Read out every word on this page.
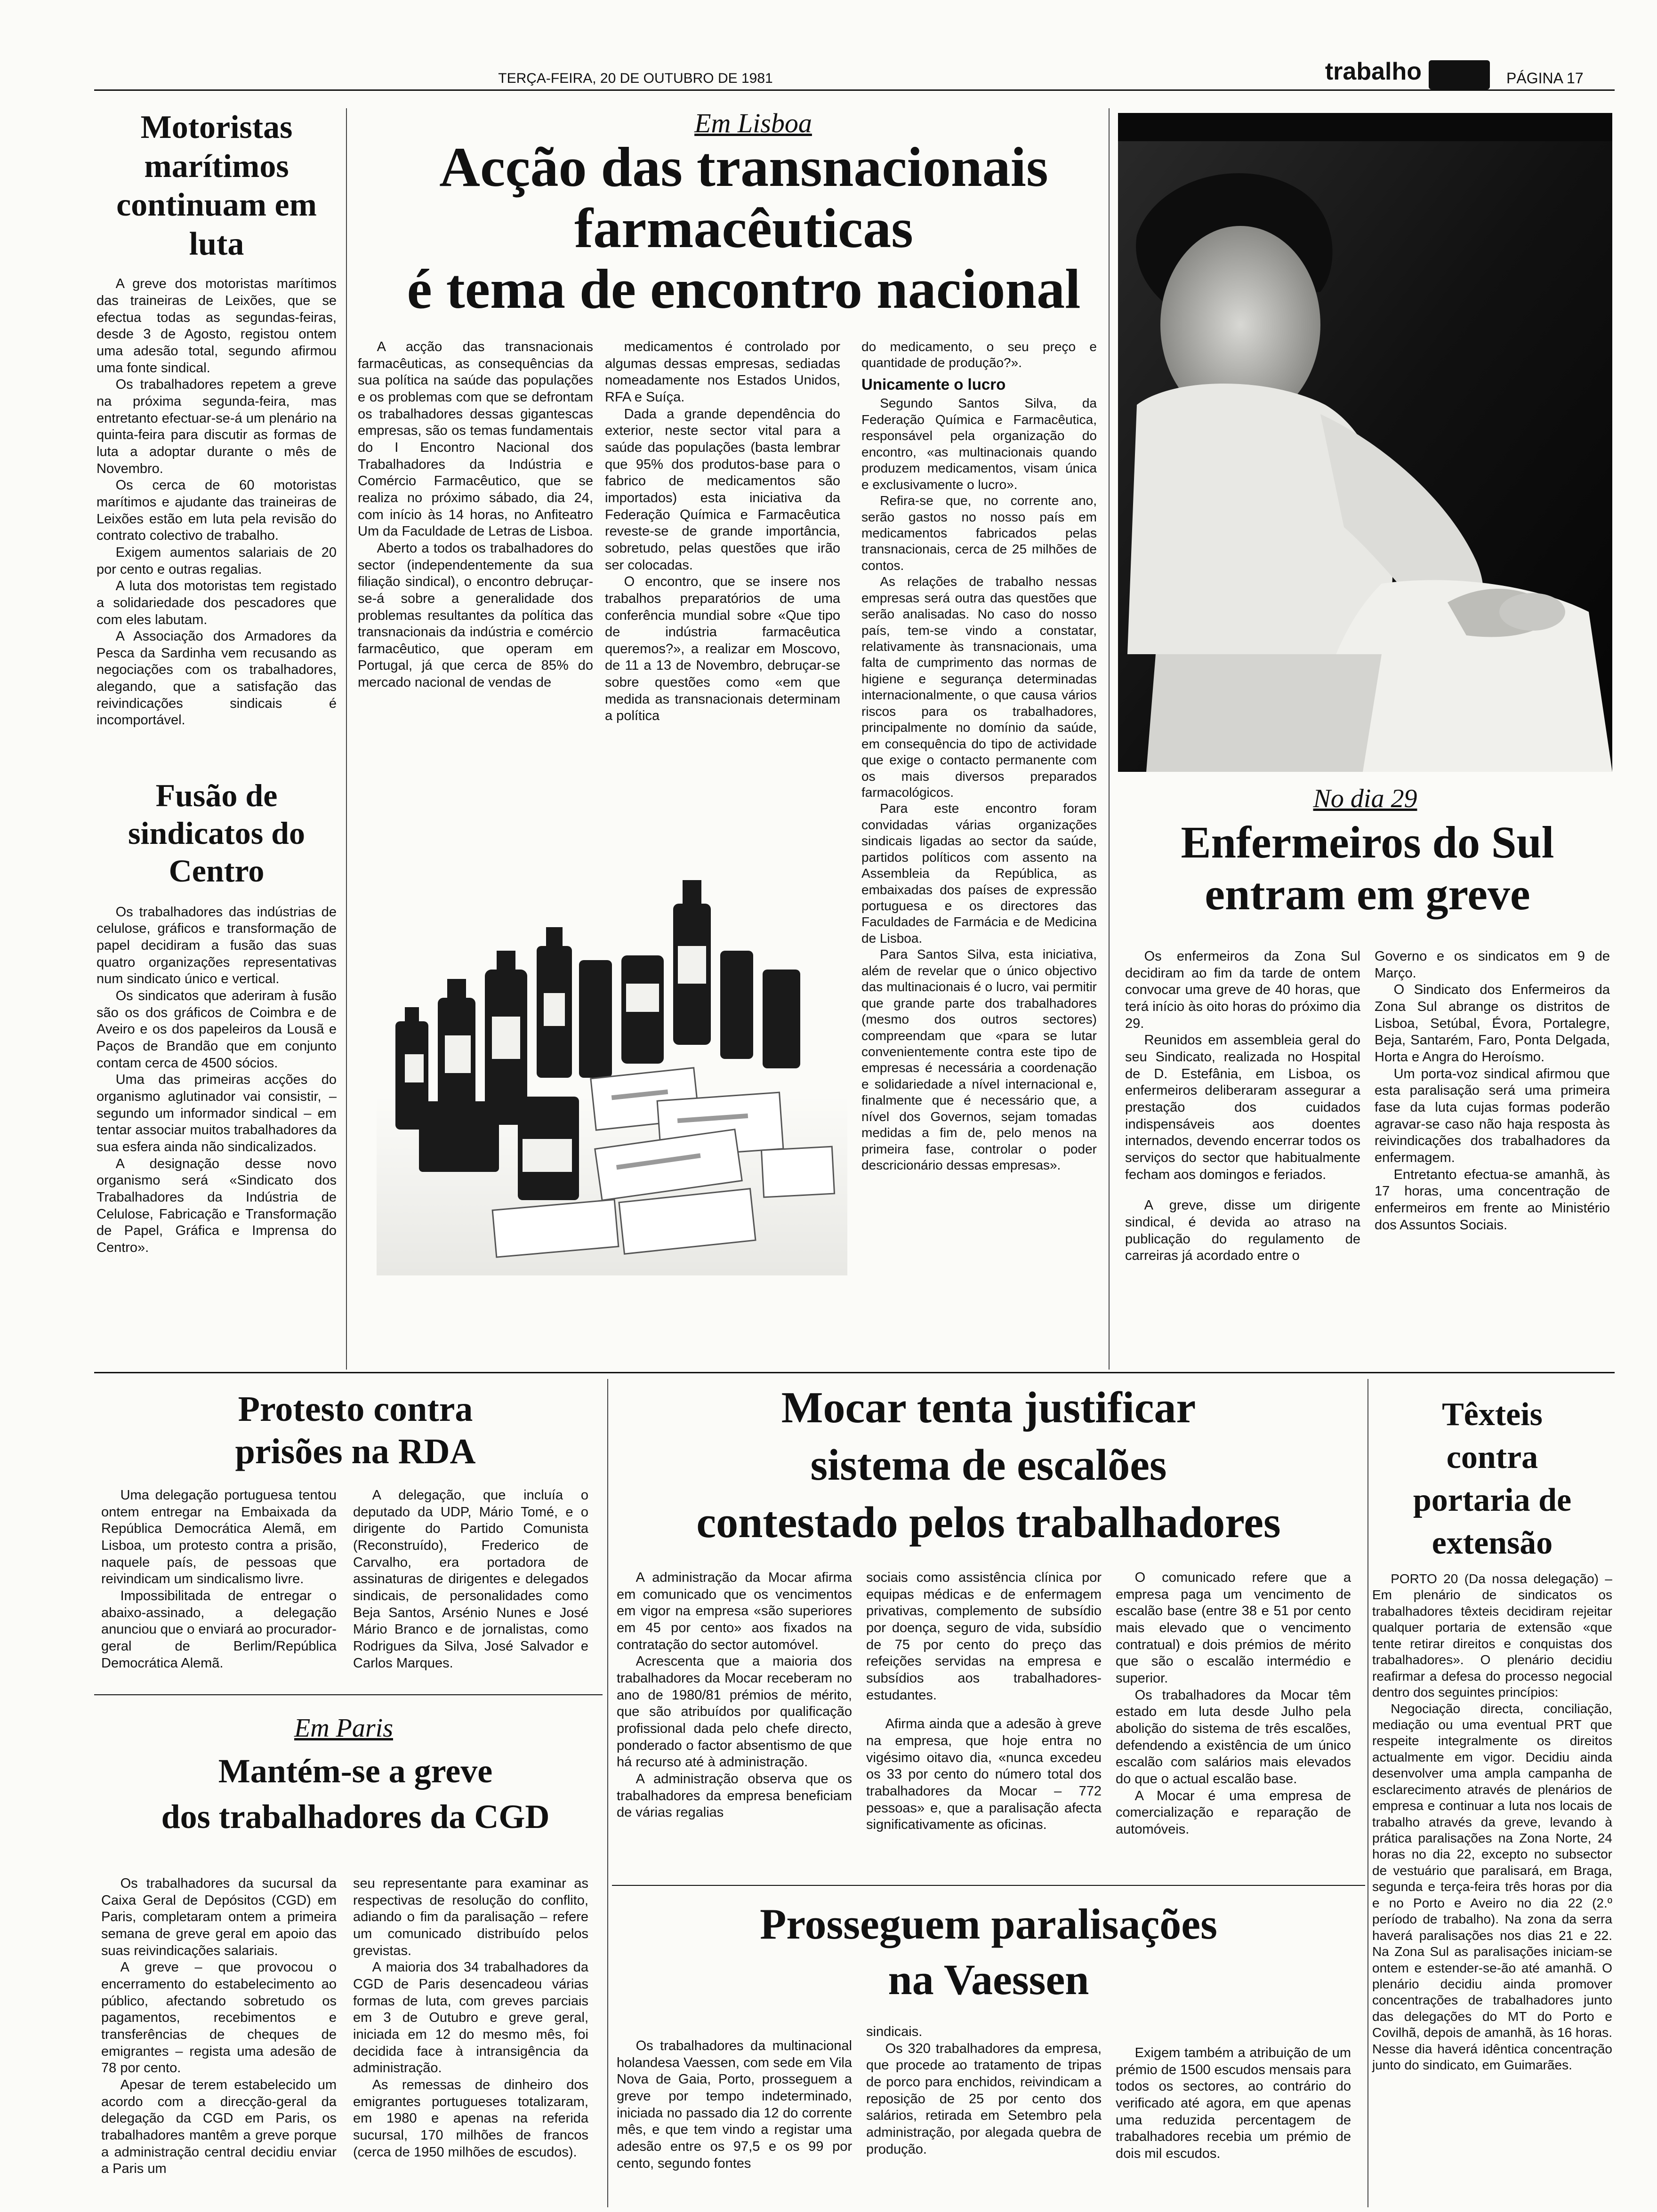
TERÇA-FEIRA, 20 DE OUTUBRO DE 1981	trabalho	PÁGINA 17
Motoristas marítimos continuam em luta

A greve dos motoristas marítimos das traineiras de Leixões, que se efectua todas as segundas-feiras, desde 3 de Agosto, registou ontem uma adesão total, segundo afirmou uma fonte sindical.

Os trabalhadores repetem a greve na próxima segunda-feira, mas entretanto efectuar-se-á um plenário na quinta-feira para discutir as formas de luta a adoptar durante o mês de Novembro.

Os cerca de 60 motoristas marítimos e ajudante das traineiras de Leixões estão em luta pela revisão do contrato colectivo de trabalho.

Exigem aumentos salariais de 20 por cento e outras regalias.

A luta dos motoristas tem registado a solidariedade dos pescadores que com eles labutam.

A Associação dos Armadores da Pesca da Sardinha vem recusando as negociações com os trabalhadores, alegando, que a satisfação das reivindicações sindicais é incomportável.

Fusão de sindicatos do Centro

Os trabalhadores das indústrias de celulose, gráficos e transformação de papel decidiram a fusão das suas quatro organizações representativas num sindicato único e vertical.

Os sindicatos que aderiram à fusão são os dos gráficos de Coimbra e de Aveiro e os dos papeleiros da Lousã e Paços de Brandão que em conjunto contam cerca de 4500 sócios.

Uma das primeiras acções do organismo aglutinador vai consistir, – segundo um informador sindical – em tentar associar muitos trabalhadores da sua esfera ainda não sindicalizados.

A designação desse novo organismo será «Sindicato dos Trabalhadores da Indústria de Celulose, Fabricação e Transformação de Papel, Gráfica e Imprensa do Centro».

Em Lisboa
Acção das transnacionais
farmacêuticas
é tema de encontro nacional

A acção das transnacionais farmacêuticas, as consequências da sua política na saúde das populações e os problemas com que se defrontam os trabalhadores dessas gigantescas empresas, são os temas fundamentais do I Encontro Nacional dos Trabalhadores da Indústria e Comércio Farmacêutico, que se realiza no próximo sábado, dia 24, com início às 14 horas, no Anfiteatro Um da Faculdade de Letras de Lisboa.

Aberto a todos os trabalhadores do sector (independentemente da sua filiação sindical), o encontro debruçar-se-á sobre a generalidade dos problemas resultantes da política das transnacionais da indústria e comércio farmacêutico, que operam em Portugal, já que cerca de 85% do mercado nacional de vendas de

medicamentos é controlado por algumas dessas empresas, sediadas nomeadamente nos Estados Unidos, RFA e Suíça.

Dada a grande dependência do exterior, neste sector vital para a saúde das populações (basta lembrar que 95% dos produtos-base para o fabrico de medicamentos são importados) esta iniciativa da Federação Química e Farmacêutica reveste-se de grande importância, sobretudo, pelas questões que irão ser colocadas.

O encontro, que se insere nos trabalhos preparatórios de uma conferência mundial sobre «Que tipo de indústria farmacêutica queremos?», a realizar em Moscovo, de 11 a 13 de Novembro, debruçar-se sobre questões como «em que medida as transnacionais determinam a política

do medicamento, o seu preço e quantidade de produção?».

Unicamente o lucro

Segundo Santos Silva, da Federação Química e Farmacêutica, responsável pela organização do encontro, «as multinacionais quando produzem medicamentos, visam única e exclusivamente o lucro».

Refira-se que, no corrente ano, serão gastos no nosso país em medicamentos fabricados pelas transnacionais, cerca de 25 milhões de contos.

As relações de trabalho nessas empresas será outra das questões que serão analisadas. No caso do nosso país, tem-se vindo a constatar, relativamente às transnacionais, uma falta de cumprimento das normas de higiene e segurança determinadas internacionalmente, o que causa vários riscos para os trabalhadores, principalmente no domínio da saúde, em consequência do tipo de actividade que exige o contacto permanente com os mais diversos preparados farmacológicos.

Para este encontro foram convidadas várias organizações sindicais ligadas ao sector da saúde, partidos políticos com assento na Assembleia da República, as embaixadas dos países de expressão portuguesa e os directores das Faculdades de Farmácia e de Medicina de Lisboa.

Para Santos Silva, esta iniciativa, além de revelar que o único objectivo das multinacionais é o lucro, vai permitir que grande parte dos trabalhadores (mesmo dos outros sectores) compreendam que «para se lutar convenientemente contra este tipo de empresas é necessária a coordenação e solidariedade a nível internacional e, finalmente que é necessário que, a nível dos Governos, sejam tomadas medidas a fim de, pelo menos na primeira fase, controlar o poder descricionário dessas empresas».

No dia 29
Enfermeiros do Sul
entram em greve

Os enfermeiros da Zona Sul decidiram ao fim da tarde de ontem convocar uma greve de 40 horas, que terá início às oito horas do próximo dia 29.

Reunidos em assembleia geral do seu Sindicato, realizada no Hospital de D. Estefânia, em Lisboa, os enfermeiros deliberaram assegurar a prestação dos cuidados indispensáveis aos doentes internados, devendo encerrar todos os serviços do sector que habitualmente fecham aos domingos e feriados.

A greve, disse um dirigente sindical, é devida ao atraso na publicação do regulamento de carreiras já acordado entre o

Governo e os sindicatos em 9 de Março.

O Sindicato dos Enfermeiros da Zona Sul abrange os distritos de Lisboa, Setúbal, Évora, Portalegre, Beja, Santarém, Faro, Ponta Delgada, Horta e Angra do Heroísmo.

Um porta-voz sindical afirmou que esta paralisação será uma primeira fase da luta cujas formas poderão agravar-se caso não haja resposta às reivindicações dos trabalhadores da enfermagem.

Entretanto efectua-se amanhã, às 17 horas, uma concentração de enfermeiros em frente ao Ministério dos Assuntos Sociais.

Protesto contra
prisões na RDA

Uma delegação portuguesa tentou ontem entregar na Embaixada da República Democrática Alemã, em Lisboa, um protesto contra a prisão, naquele país, de pessoas que reivindicam um sindicalismo livre.

Impossibilitada de entregar o abaixo-assinado, a delegação anunciou que o enviará ao procurador-geral de Berlim/República Democrática Alemã.

A delegação, que incluía o deputado da UDP, Mário Tomé, e o dirigente do Partido Comunista (Reconstruído), Frederico de Carvalho, era portadora de assinaturas de dirigentes e delegados sindicais, de personalidades como Beja Santos, Arsénio Nunes e José Mário Branco e de jornalistas, como Rodrigues da Silva, José Salvador e Carlos Marques.

Em Paris
Mantém-se a greve
dos trabalhadores da CGD

Os trabalhadores da sucursal da Caixa Geral de Depósitos (CGD) em Paris, completaram ontem a primeira semana de greve geral em apoio das suas reivindicações salariais.

A greve – que provocou o encerramento do estabelecimento ao público, afectando sobretudo os pagamentos, recebimentos e transferências de cheques de emigrantes – regista uma adesão de 78 por cento.

Apesar de terem estabelecido um acordo com a direcção-geral da delegação da CGD em Paris, os trabalhadores mantêm a greve porque a administração central decidiu enviar a Paris um

seu representante para examinar as respectivas de resolução do conflito, adiando o fim da paralisação – refere um comunicado distribuído pelos grevistas.

A maioria dos 34 trabalhadores da CGD de Paris desencadeou várias formas de luta, com greves parciais em 3 de Outubro e greve geral, iniciada em 12 do mesmo mês, foi decidida face à intransigência da administração.

As remessas de dinheiro dos emigrantes portugueses totalizaram, em 1980 e apenas na referida sucursal, 170 milhões de francos (cerca de 1950 milhões de escudos).

Mocar tenta justificar
sistema de escalões
contestado pelos trabalhadores

A administração da Mocar afirma em comunicado que os vencimentos em vigor na empresa «são superiores em 45 por cento» aos fixados na contratação do sector automóvel.

Acrescenta que a maioria dos trabalhadores da Mocar receberam no ano de 1980/81 prémios de mérito, que são atribuídos por qualificação profissional dada pelo chefe directo, ponderado o factor absentismo de que há recurso até à administração.

A administração observa que os trabalhadores da empresa beneficiam de várias regalias

sociais como assistência clínica por equipas médicas e de enfermagem privativas, complemento de subsídio por doença, seguro de vida, subsídio de 75 por cento do preço das refeições servidas na empresa e subsídios aos trabalhadores-estudantes.

Afirma ainda que a adesão à greve na empresa, que hoje entra no vigésimo oitavo dia, «nunca excedeu os 33 por cento do número total dos trabalhadores da Mocar – 772 pessoas» e, que a paralisação afecta significativamente as oficinas.

O comunicado refere que a empresa paga um vencimento de escalão base (entre 38 e 51 por cento mais elevado que o vencimento contratual) e dois prémios de mérito que são o escalão intermédio e superior.

Os trabalhadores da Mocar têm estado em luta desde Julho pela abolição do sistema de três escalões, defendendo a existência de um único escalão com salários mais elevados do que o actual escalão base.

A Mocar é uma empresa de comercialização e reparação de automóveis.

Prosseguem paralisações
na Vaessen

Os trabalhadores da multinacional holandesa Vaessen, com sede em Vila Nova de Gaia, Porto, prosseguem a greve por tempo indeterminado, iniciada no passado dia 12 do corrente mês, e que tem vindo a registar uma adesão entre os 97,5 e os 99 por cento, segundo fontes

sindicais.

Os 320 trabalhadores da empresa, que procede ao tratamento de tripas de porco para enchidos, reivindicam a reposição de 25 por cento dos salários, retirada em Setembro pela administração, por alegada quebra de produção.

Exigem também a atribuição de um prémio de 1500 escudos mensais para todos os sectores, ao contrário do verificado até agora, em que apenas uma reduzida percentagem de trabalhadores recebia um prémio de dois mil escudos.

Têxteis contra portaria de extensão

PORTO 20 (Da nossa delegação) – Em plenário de sindicatos os trabalhadores têxteis decidiram rejeitar qualquer portaria de extensão «que tente retirar direitos e conquistas dos trabalhadores». O plenário decidiu reafirmar a defesa do processo negocial dentro dos seguintes princípios:

Negociação directa, conciliação, mediação ou uma eventual PRT que respeite integralmente os direitos actualmente em vigor. Decidiu ainda desenvolver uma ampla campanha de esclarecimento através de plenários de empresa e continuar a luta nos locais de trabalho através da greve, levando à prática paralisações na Zona Norte, 24 horas no dia 22, excepto no subsector de vestuário que paralisará, em Braga, segunda e terça-feira três horas por dia e no Porto e Aveiro no dia 22 (2.º período de trabalho). Na zona da serra haverá paralisações nos dias 21 e 22. Na Zona Sul as paralisações iniciam-se ontem e estender-se-ão até amanhã. O plenário decidiu ainda promover concentrações de trabalhadores junto das delegações do MT do Porto e Covilhã, depois de amanhã, às 16 horas. Nesse dia haverá idêntica concentração junto do sindicato, em Guimarães.
